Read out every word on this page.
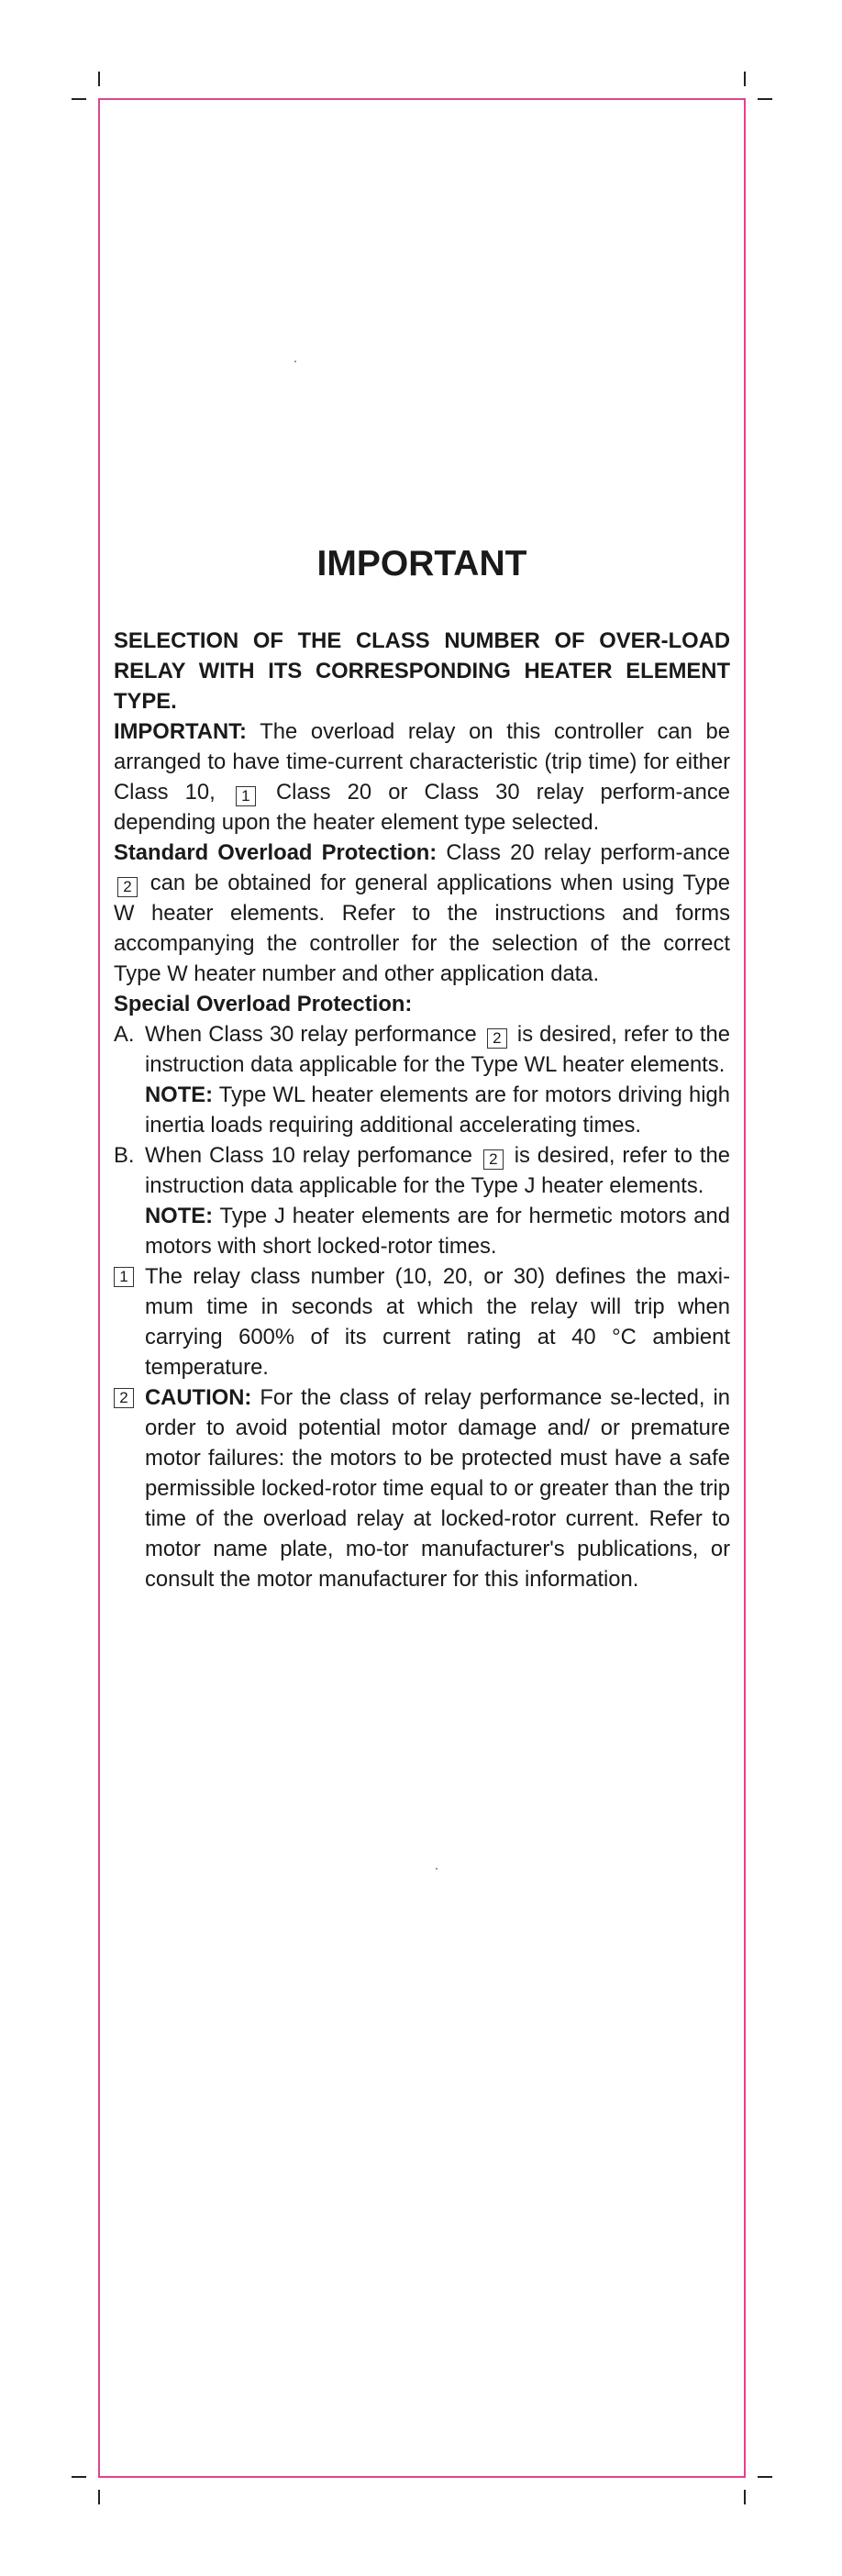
IMPORTANT

SELECTION OF THE CLASS NUMBER OF OVER-LOAD RELAY WITH ITS CORRESPONDING HEATER ELEMENT TYPE.

IMPORTANT: The overload relay on this controller can be arranged to have time-current characteristic (trip time) for either Class 10, 1 Class 20 or Class 30 relay perform-ance depending upon the heater element type selected.

Standard Overload Protection: Class 20 relay perform-ance 2 can be obtained for general applications when using Type W heater elements. Refer to the instructions and forms accompanying the controller for the selection of the correct Type W heater number and other application data.

Special Overload Protection:

A. When Class 30 relay performance 2 is desired, refer to the instruction data applicable for the Type WL heater elements.
NOTE: Type WL heater elements are for motors driving high inertia loads requiring additional accelerating times.
B. When Class 10 relay perfomance 2 is desired, refer to the instruction data applicable for the Type J heater elements.
NOTE: Type J heater elements are for hermetic motors and motors with short locked-rotor times.
1 The relay class number (10, 20, or 30) defines the maxi-mum time in seconds at which the relay will trip when carrying 600% of its current rating at 40 °C ambient temperature.
2 CAUTION: For the class of relay performance se-lected, in order to avoid potential motor damage and/ or premature motor failures: the motors to be protected must have a safe permissible locked-rotor time equal to or greater than the trip time of the overload relay at locked-rotor current. Refer to motor name plate, mo-tor manufacturer's publications, or consult the motor manufacturer for this information.
